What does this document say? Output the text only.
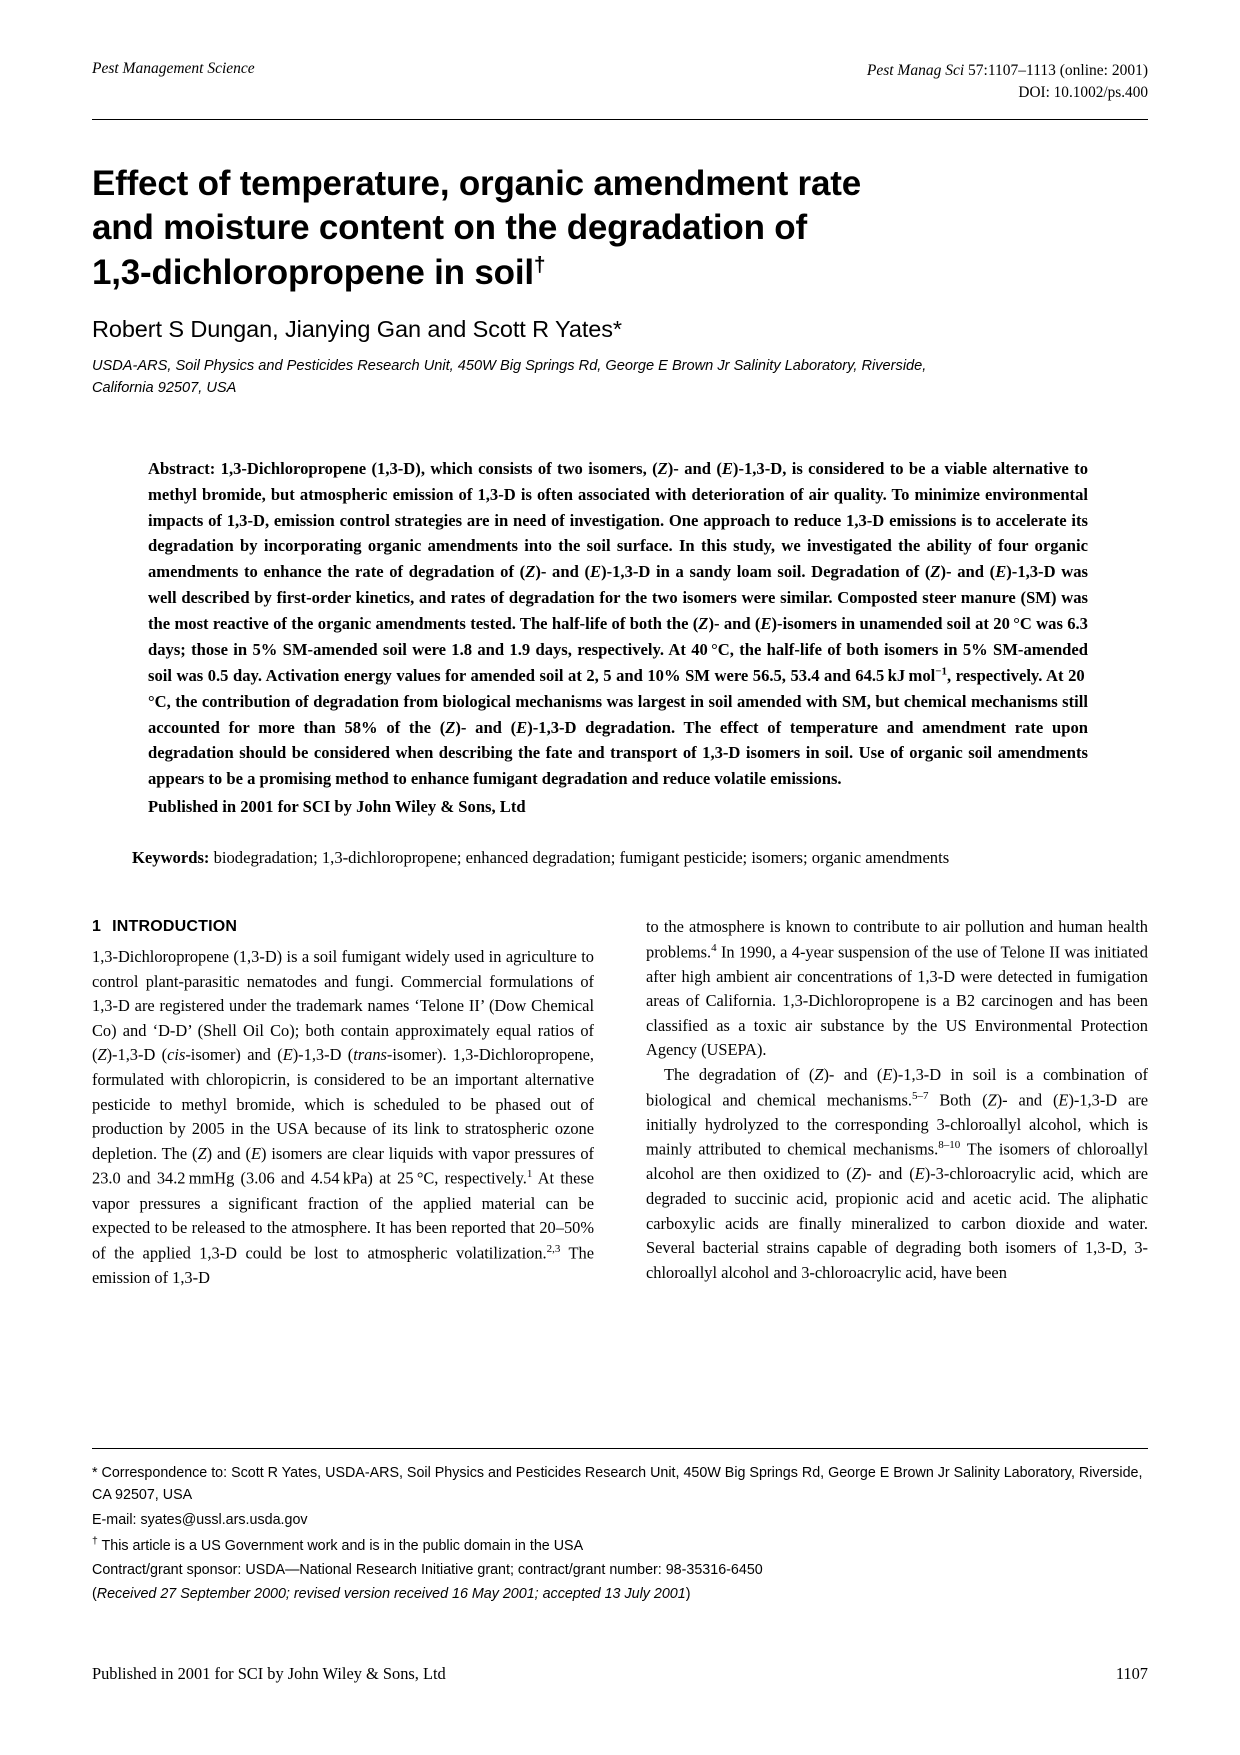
Pest Management Science	Pest Manag Sci 57:1107–1113 (online: 2001)
DOI: 10.1002/ps.400
Effect of temperature, organic amendment rate
and moisture content on the degradation of
1,3-dichloropropene in soil†
Robert S Dungan, Jianying Gan and Scott R Yates*
USDA-ARS, Soil Physics and Pesticides Research Unit, 450W Big Springs Rd, George E Brown Jr Salinity Laboratory, Riverside,
California 92507, USA
Abstract: 1,3-Dichloropropene (1,3-D), which consists of two isomers, (Z)- and (E)-1,3-D, is considered to be a viable alternative to methyl bromide, but atmospheric emission of 1,3-D is often associated with deterioration of air quality. To minimize environmental impacts of 1,3-D, emission control strategies are in need of investigation. One approach to reduce 1,3-D emissions is to accelerate its degradation by incorporating organic amendments into the soil surface. In this study, we investigated the ability of four organic amendments to enhance the rate of degradation of (Z)- and (E)-1,3-D in a sandy loam soil. Degradation of (Z)- and (E)-1,3-D was well described by first-order kinetics, and rates of degradation for the two isomers were similar. Composted steer manure (SM) was the most reactive of the organic amendments tested. The half-life of both the (Z)- and (E)-isomers in unamended soil at 20 °C was 6.3 days; those in 5% SM-amended soil were 1.8 and 1.9 days, respectively. At 40 °C, the half-life of both isomers in 5% SM-amended soil was 0.5 day. Activation energy values for amended soil at 2, 5 and 10% SM were 56.5, 53.4 and 64.5 kJ mol$^{-1}$, respectively. At 20 °C, the contribution of degradation from biological mechanisms was largest in soil amended with SM, but chemical mechanisms still accounted for more than 58% of the (Z)- and (E)-1,3-D degradation. The effect of temperature and amendment rate upon degradation should be considered when describing the fate and transport of 1,3-D isomers in soil. Use of organic soil amendments appears to be a promising method to enhance fumigant degradation and reduce volatile emissions.
Published in 2001 for SCI by John Wiley & Sons, Ltd
Keywords: biodegradation; 1,3-dichloropropene; enhanced degradation; fumigant pesticide; isomers; organic amendments
1 INTRODUCTION

1,3-Dichloropropene (1,3-D) is a soil fumigant widely used in agriculture to control plant-parasitic nematodes and fungi. Commercial formulations of 1,3-D are registered under the trademark names ‘Telone II’ (Dow Chemical Co) and ‘D-D’ (Shell Oil Co); both contain approximately equal ratios of (Z)-1,3-D (cis-isomer) and (E)-1,3-D (trans-isomer). 1,3-Dichloropropene, formulated with chloropicrin, is considered to be an important alternative pesticide to methyl bromide, which is scheduled to be phased out of production by 2005 in the USA because of its link to stratospheric ozone depletion. The (Z) and (E) isomers are clear liquids with vapor pressures of 23.0 and 34.2 mmHg (3.06 and 4.54 kPa) at 25 °C, respectively.$^1$ At these vapor pressures a significant fraction of the applied material can be expected to be released to the atmosphere. It has been reported that 20–50% of the applied 1,3-D could be lost to atmospheric volatilization.$^{2,3}$ The emission of 1,3-D

to the atmosphere is known to contribute to air pollution and human health problems.$^4$ In 1990, a 4-year suspension of the use of Telone II was initiated after high ambient air concentrations of 1,3-D were detected in fumigation areas of California. 1,3-Dichloropropene is a B2 carcinogen and has been classified as a toxic air substance by the US Environmental Protection Agency (USEPA).

The degradation of (Z)- and (E)-1,3-D in soil is a combination of biological and chemical mechanisms.$^{5-7}$ Both (Z)- and (E)-1,3-D are initially hydrolyzed to the corresponding 3-chloroallyl alcohol, which is mainly attributed to chemical mechanisms.$^{8-10}$ The isomers of chloroallyl alcohol are then oxidized to (Z)- and (E)-3-chloroacrylic acid, which are degraded to succinic acid, propionic acid and acetic acid. The aliphatic carboxylic acids are finally mineralized to carbon dioxide and water. Several bacterial strains capable of degrading both isomers of 1,3-D, 3-chloroallyl alcohol and 3-chloroacrylic acid, have been

* Correspondence to: Scott R Yates, USDA-ARS, Soil Physics and Pesticides Research Unit, 450W Big Springs Rd, George E Brown Jr Salinity Laboratory, Riverside, CA 92507, USA
E-mail: syates@ussl.ars.usda.gov
† This article is a US Government work and is in the public domain in the USA
Contract/grant sponsor: USDA—National Research Initiative grant; contract/grant number: 98-35316-6450
(Received 27 September 2000; revised version received 16 May 2001; accepted 13 July 2001)
Published in 2001 for SCI by John Wiley & Sons, Ltd	1107
